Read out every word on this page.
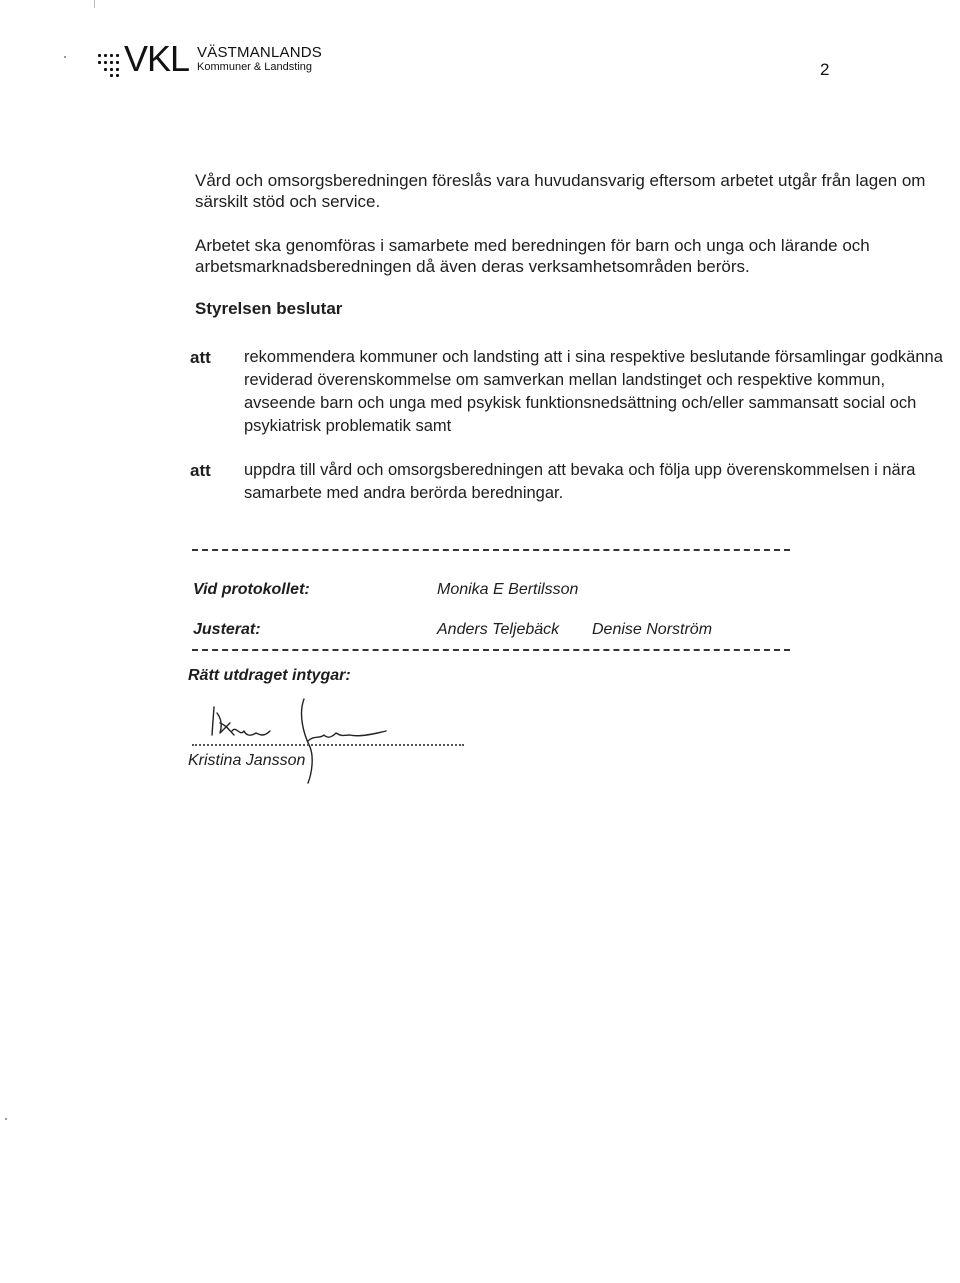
VKL VÄSTMANLANDS
Kommuner & Landsting	2

Vård och omsorgsberedningen föreslås vara huvudansvarig eftersom arbetet utgår från lagen om särskilt stöd och service.

Arbetet ska genomföras i samarbete med beredningen för barn och unga och lärande och arbetsmarknadsberedningen då även deras verksamhetsområden berörs.

Styrelsen beslutar
att	rekommendera kommuner och landsting att i sina respektive beslutande församlingar godkänna reviderad överenskommelse om samverkan mellan landstinget och respektive kommun, avseende barn och unga med psykisk funktionsnedsättning och/eller sammansatt social och psykiatrisk problematik samt
att	uppdra till vård och omsorgsberedningen att bevaka och följa upp överenskommelsen i nära samarbete med andra berörda beredningar.
Vid protokollet:	Monika E Bertilsson
Justerat:	Anders Teljebäck Denise Norström
Rätt utdraget intygar:
Kristina Jansson
